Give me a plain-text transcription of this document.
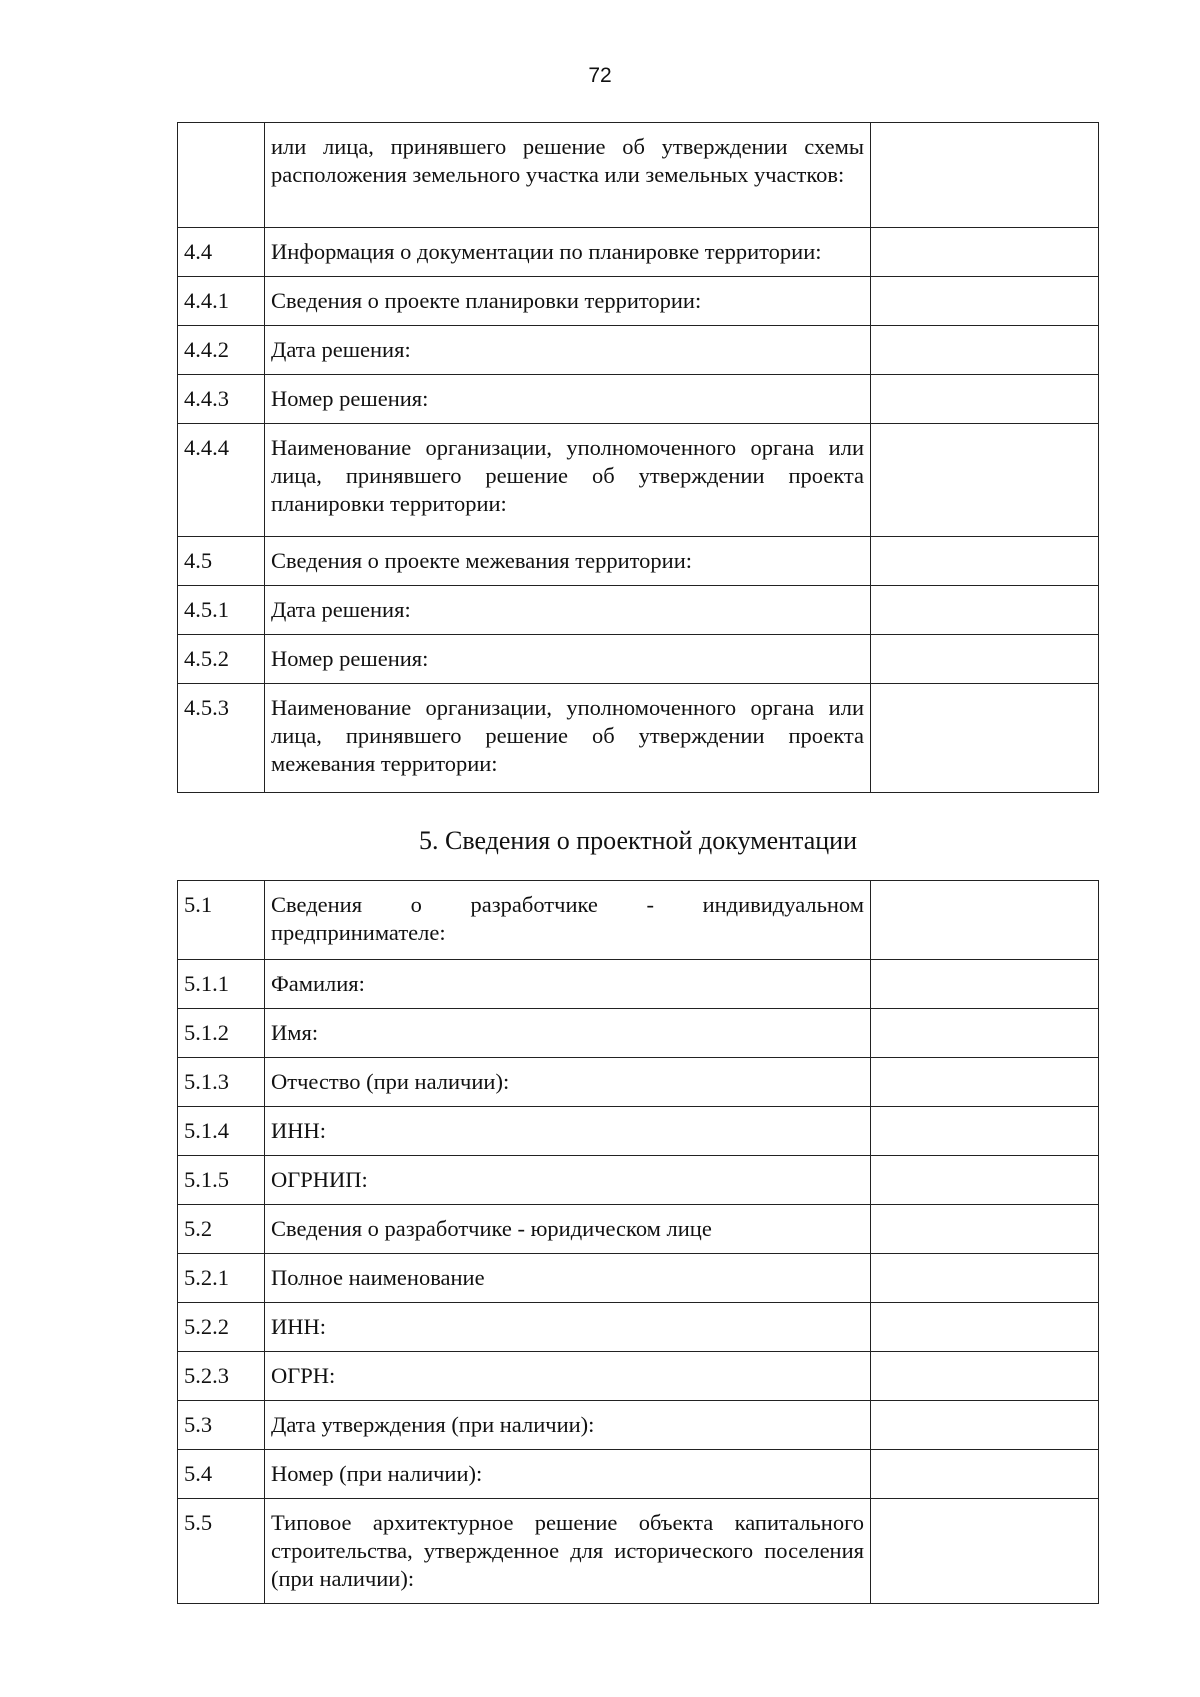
72
	или лица, принявшего решение об утверждении схемы расположения земельного участка или земельных участков:	
4.4	Информация о документации по планировке территории:	
4.4.1	Сведения о проекте планировки территории:	
4.4.2	Дата решения:	
4.4.3	Номер решения:	
4.4.4	Наименование организации, уполномоченного органа или лица, принявшего решение об утверждении проекта планировки территории:	
4.5	Сведения о проекте межевания территории:	
4.5.1	Дата решения:	
4.5.2	Номер решения:	
4.5.3	Наименование организации, уполномоченного органа или лица, принявшего решение об утверждении проекта межевания территории:	
5. Сведения о проектной документации
5.1	Сведения о разработчике - индивидуальном предпринимателе:	
5.1.1	Фамилия:	
5.1.2	Имя:	
5.1.3	Отчество (при наличии):	
5.1.4	ИНН:	
5.1.5	ОГРНИП:	
5.2	Сведения о разработчике - юридическом лице	
5.2.1	Полное наименование	
5.2.2	ИНН:	
5.2.3	ОГРН:	
5.3	Дата утверждения (при наличии):	
5.4	Номер (при наличии):	
5.5	Типовое архитектурное решение объекта капитального строительства, утвержденное для исторического поселения (при наличии):	
